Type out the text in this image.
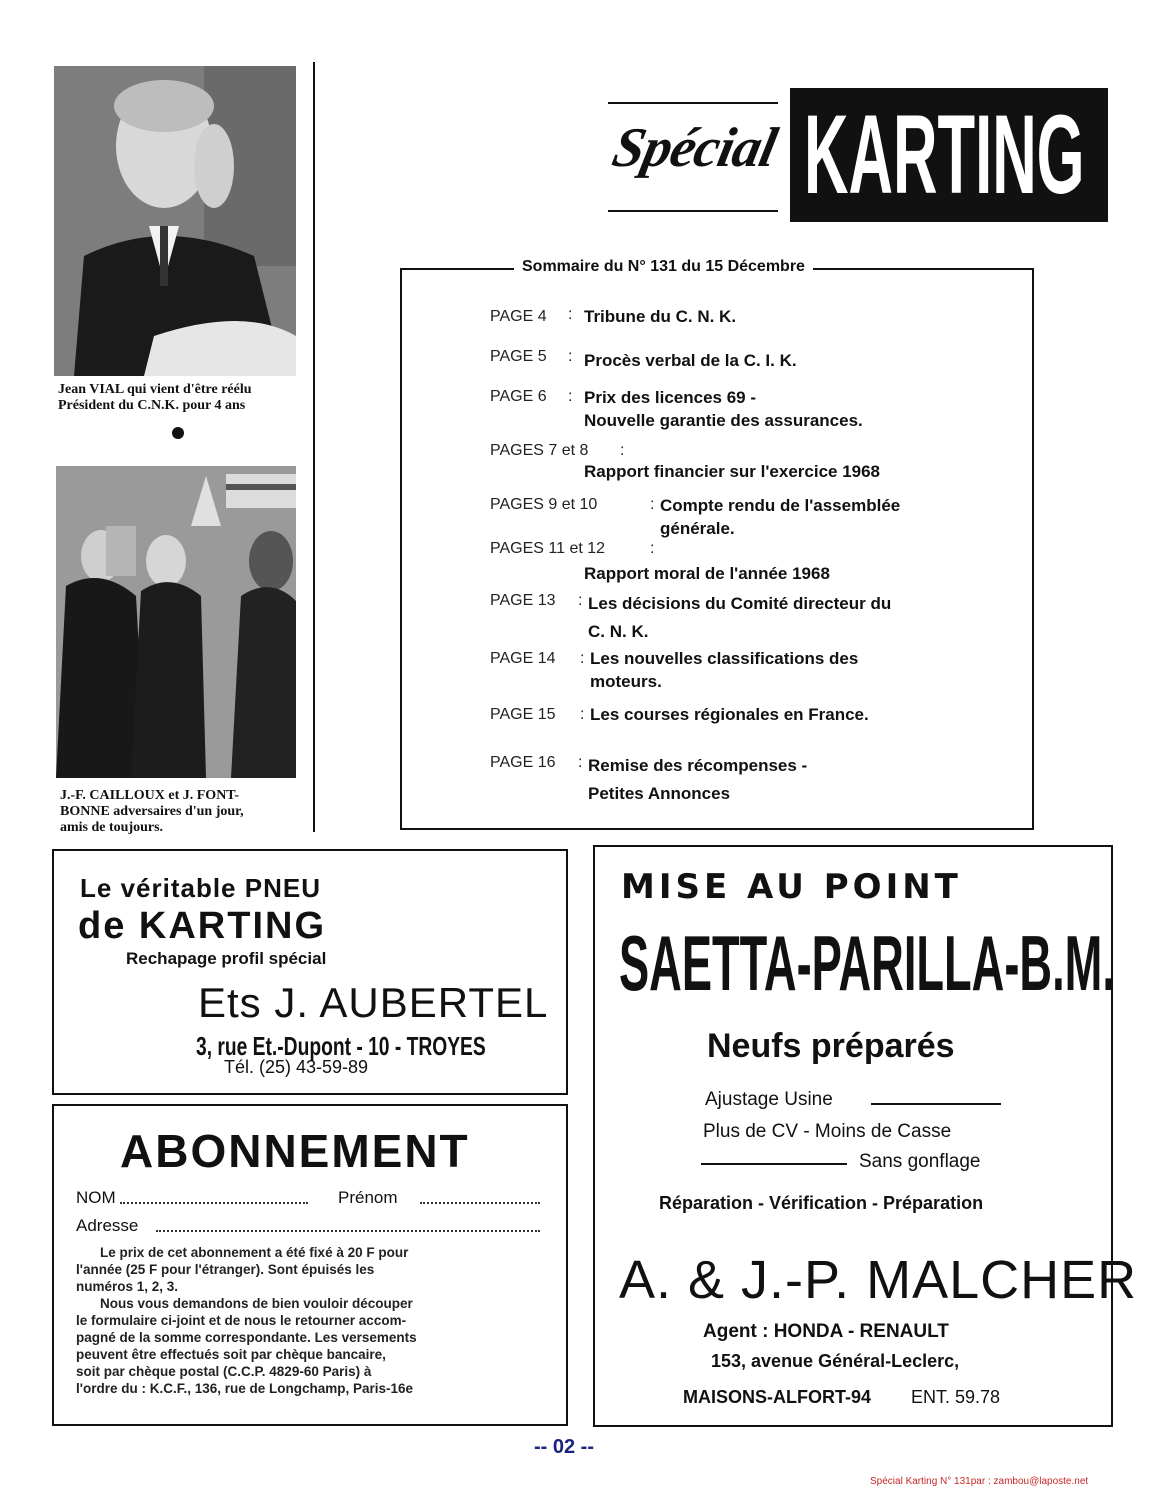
Jean VIAL qui vient d'être réélu
Président du C.N.K. pour 4 ans
J.-F. CAILLOUX et J. FONT-
BONNE adversaires d'un jour,
amis de toujours.
Spécial KARTING
Sommaire du N° 131 du 15 Décembre
PAGE 4 : Tribune du C. N. K.
PAGE 5 : Procès verbal de la C. I. K.
PAGE 6 : Prix des licences 69 -
Nouvelle garantie des assurances.
PAGES 7 et 8 :
Rapport financier sur l'exercice 1968
PAGES 9 et 10	: Compte rendu de l'assemblée
générale.
PAGES 11 et 12	:
Rapport moral de l'année 1968
PAGE 13 : Les décisions du Comité directeur du
C. N. K.
PAGE 14 : Les nouvelles classifications des
moteurs.
PAGE 15 : Les courses régionales en France.
PAGE 16 : Remise des récompenses -
Petites Annonces
Le véritable PNEU
de KARTING
Rechapage profil spécial
Ets J. AUBERTEL
3, rue Et.-Dupont - 10 - TROYES
Tél. (25) 43-59-89
ABONNEMENT
NOM	Prénom
Adresse
Le prix de cet abonnement a été fixé à 20 F pour
l'année (25 F pour l'étranger). Sont épuisés les
numéros 1, 2, 3.
Nous vous demandons de bien vouloir découper
le formulaire ci-joint et de nous le retourner accom-
pagné de la somme correspondante. Les versements
peuvent être effectués soit par chèque bancaire,
soit par chèque postal (C.C.P. 4829-60 Paris) à
l'ordre du : K.C.F., 136, rue de Longchamp, Paris-16e
MISE AU POINT
SAETTA-PARILLA-B.M.
Neufs préparés
Ajustage Usine
Plus de CV - Moins de Casse
Sans gonflage
Réparation - Vérification - Préparation
A. & J.-P. MALCHER
Agent : HONDA - RENAULT
153, avenue Général-Leclerc,
MAISONS-ALFORT-94 ENT. 59.78
-- 02 --
Spécial Karting N° 131par : zambou@laposte.net
